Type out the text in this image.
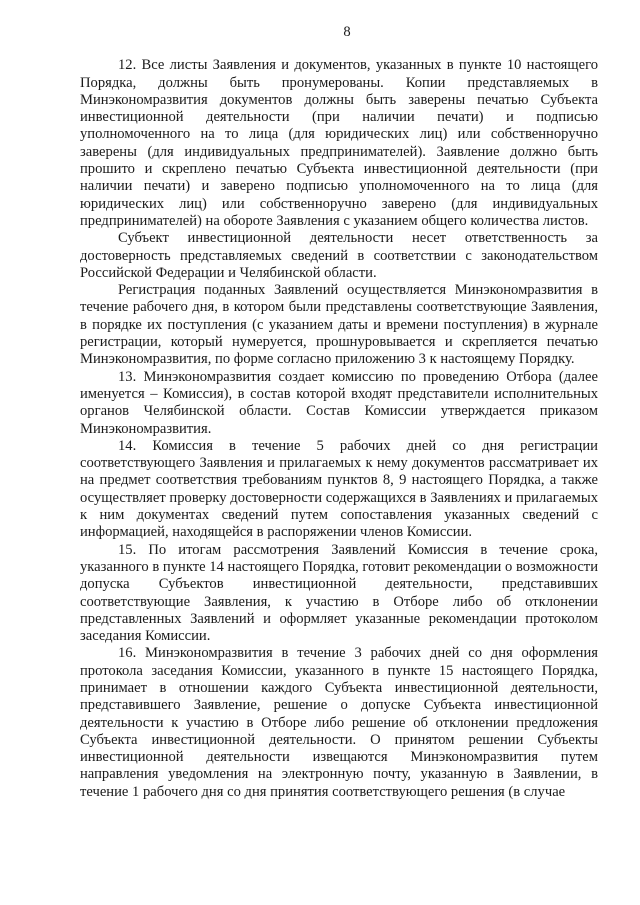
8

12. Все листы Заявления и документов, указанных в пункте 10 настоящего Порядка, должны быть пронумерованы. Копии представляемых в Минэкономразвития документов должны быть заверены печатью Субъекта инвестиционной деятельности (при наличии печати) и подписью уполномоченного на то лица (для юридических лиц) или собственноручно заверены (для индивидуальных предпринимателей). Заявление должно быть прошито и скреплено печатью Субъекта инвестиционной деятельности (при наличии печати) и заверено подписью уполномоченного на то лица (для юридических лиц) или собственноручно заверено (для индивидуальных предпринимателей) на обороте Заявления с указанием общего количества листов.

Субъект инвестиционной деятельности несет ответственность за достоверность представляемых сведений в соответствии с законодательством Российской Федерации и Челябинской области.

Регистрация поданных Заявлений осуществляется Минэкономразвития в течение рабочего дня, в котором были представлены соответствующие Заявления, в порядке их поступления (с указанием даты и времени поступления) в журнале регистрации, который нумеруется, прошнуровывается и скрепляется печатью Минэкономразвития, по форме согласно приложению 3 к настоящему Порядку.

13. Минэкономразвития создает комиссию по проведению Отбора (далее именуется – Комиссия), в состав которой входят представители исполнительных органов Челябинской области. Состав Комиссии утверждается приказом Минэкономразвития.

14. Комиссия в течение 5 рабочих дней со дня регистрации соответствующего Заявления и прилагаемых к нему документов рассматривает их на предмет соответствия требованиям пунктов 8, 9 настоящего Порядка, а также осуществляет проверку достоверности содержащихся в Заявлениях и прилагаемых к ним документах сведений путем сопоставления указанных сведений с информацией, находящейся в распоряжении членов Комиссии.

15. По итогам рассмотрения Заявлений Комиссия в течение срока, указанного в пункте 14 настоящего Порядка, готовит рекомендации о возможности допуска Субъектов инвестиционной деятельности, представивших соответствующие Заявления, к участию в Отборе либо об отклонении представленных Заявлений и оформляет указанные рекомендации протоколом заседания Комиссии.

16. Минэкономразвития в течение 3 рабочих дней со дня оформления протокола заседания Комиссии, указанного в пункте 15 настоящего Порядка, принимает в отношении каждого Субъекта инвестиционной деятельности, представившего Заявление, решение о допуске Субъекта инвестиционной деятельности к участию в Отборе либо решение об отклонении предложения Субъекта инвестиционной деятельности. О принятом решении Субъекты инвестиционной деятельности извещаются Минэкономразвития путем направления уведомления на электронную почту, указанную в Заявлении, в течение 1 рабочего дня со дня принятия соответствующего решения (в случае
